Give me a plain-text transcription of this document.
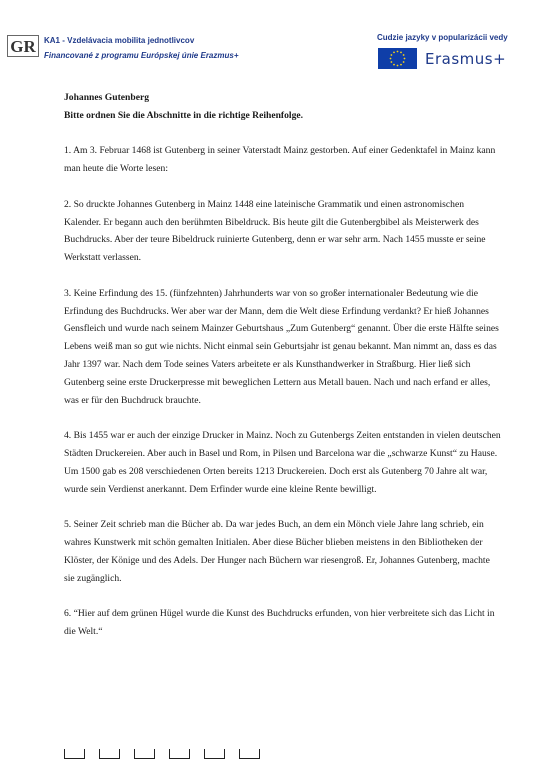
GR KA1 - Vzdelávacia mobilita jednotlivcov
Financované z programu Európskej únie Erazmus+
Cudzie jazyky v popularizácii vedy
Erasmus+
Johannes Gutenberg
Bitte ordnen Sie die Abschnitte in die richtige Reihenfolge.
1. Am 3. Februar 1468 ist Gutenberg in seiner Vaterstadt Mainz gestorben. Auf einer Gedenktafel in Mainz kann man heute die Worte lesen:
2. So druckte Johannes Gutenberg in Mainz 1448 eine lateinische Grammatik und einen astronomischen Kalender. Er begann auch den berühmten Bibeldruck. Bis heute gilt die Gutenbergbibel als Meisterwerk des Buchdrucks. Aber der teure Bibeldruck ruinierte Gutenberg, denn er war sehr arm. Nach 1455 musste er seine Werkstatt verlassen.
3. Keine Erfindung des 15. (fünfzehnten) Jahrhunderts war von so großer internationaler Bedeutung wie die Erfindung des Buchdrucks. Wer aber war der Mann, dem die Welt diese Erfindung verdankt? Er hieß Johannes Gensfleich und wurde nach seinem Mainzer Geburtshaus „Zum Gutenberg“ genannt. Über die erste Hälfte seines Lebens weiß man so gut wie nichts. Nicht einmal sein Geburtsjahr ist genau bekannt. Man nimmt an, dass es das Jahr 1397 war. Nach dem Tode seines Vaters arbeitete er als Kunsthandwerker in Straßburg. Hier ließ sich Gutenberg seine erste Druckerpresse mit beweglichen Lettern aus Metall bauen. Nach und nach erfand er alles, was er für den Buchdruck brauchte.
4. Bis 1455 war er auch der einzige Drucker in Mainz. Noch zu Gutenbergs Zeiten entstanden in vielen deutschen Städten Druckereien. Aber auch in Basel und Rom, in Pilsen und Barcelona war die „schwarze Kunst“ zu Hause. Um 1500 gab es 208 verschiedenen Orten bereits 1213 Druckereien. Doch erst als Gutenberg 70 Jahre alt war, wurde sein Verdienst anerkannt. Dem Erfinder wurde eine kleine Rente bewilligt.
5. Seiner Zeit schrieb man die Bücher ab. Da war jedes Buch, an dem ein Mönch viele Jahre lang schrieb, ein wahres Kunstwerk mit schön gemalten Initialen. Aber diese Bücher blieben meistens in den Bibliotheken der Klöster, der Könige und des Adels. Der Hunger nach Büchern war riesengroß. Er, Johannes Gutenberg, machte sie zugänglich.
6. “Hier auf dem grünen Hügel wurde die Kunst des Buchdrucks erfunden, von hier verbreitete sich das Licht in die Welt.“
